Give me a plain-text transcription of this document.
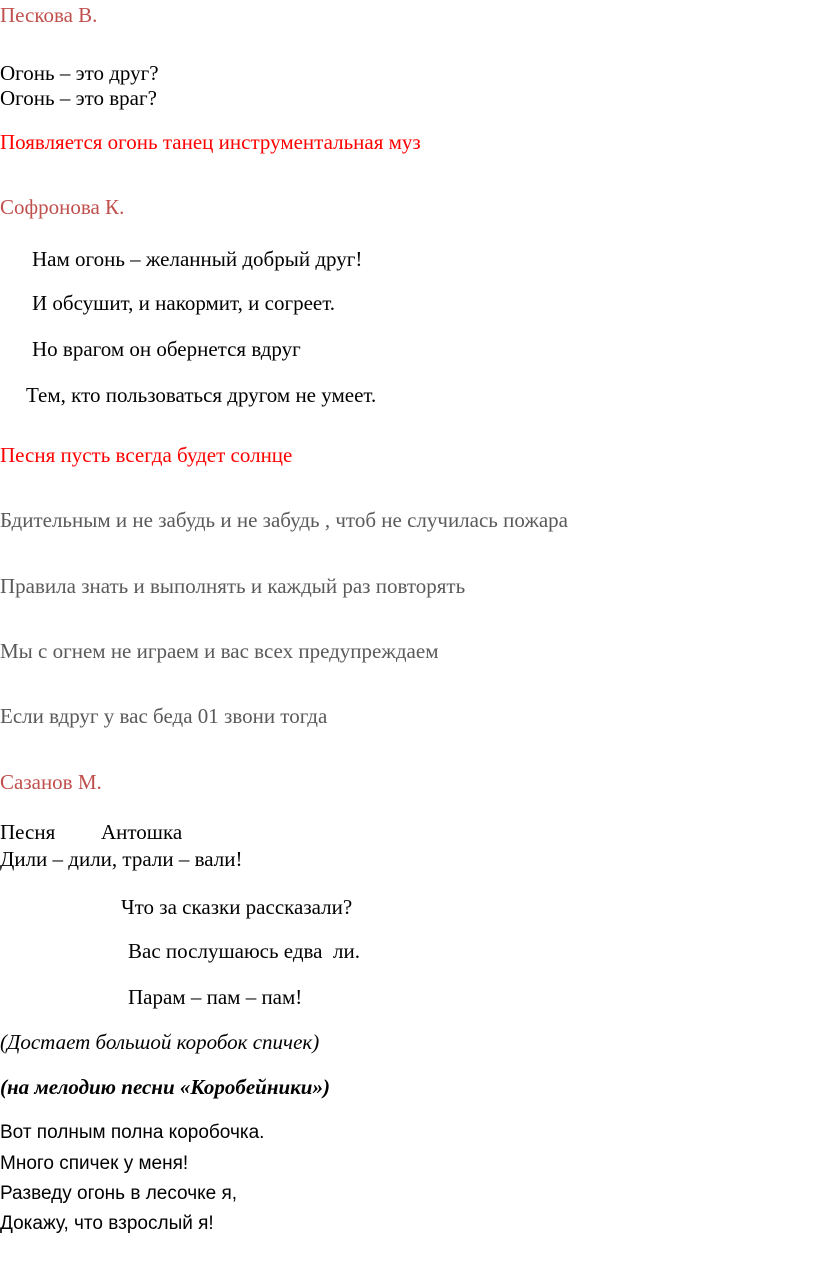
Пескова В.
Огонь – это друг?
Огонь – это враг?
Появляется огонь танец инструментальная муз
Софронова К.
Нам огонь – желанный добрый друг!
И обсушит, и накормит, и согреет.
Но врагом он обернется вдруг
Тем, кто пользоваться другом не умеет.
Песня пусть всегда будет солнце
Бдительным и не забудь и не забудь , чтоб не случилась пожара
Правила знать и выполнять и каждый раз повторять
Мы с огнем не играем и вас всех предупреждаем
Если вдруг у вас беда 01 звони тогда
Сазанов М.
Песня Антошка
Дили – дили, трали – вали!
Что за сказки рассказали?
Вас послушаюсь едва  ли.
Парам – пам – пам!
(Достает большой коробок спичек)
(на мелодию песни «Коробейники»)
Вот полным полна коробочка.
Много спичек у меня!
Разведу огонь в лесочке я,
Докажу, что взрослый я!
